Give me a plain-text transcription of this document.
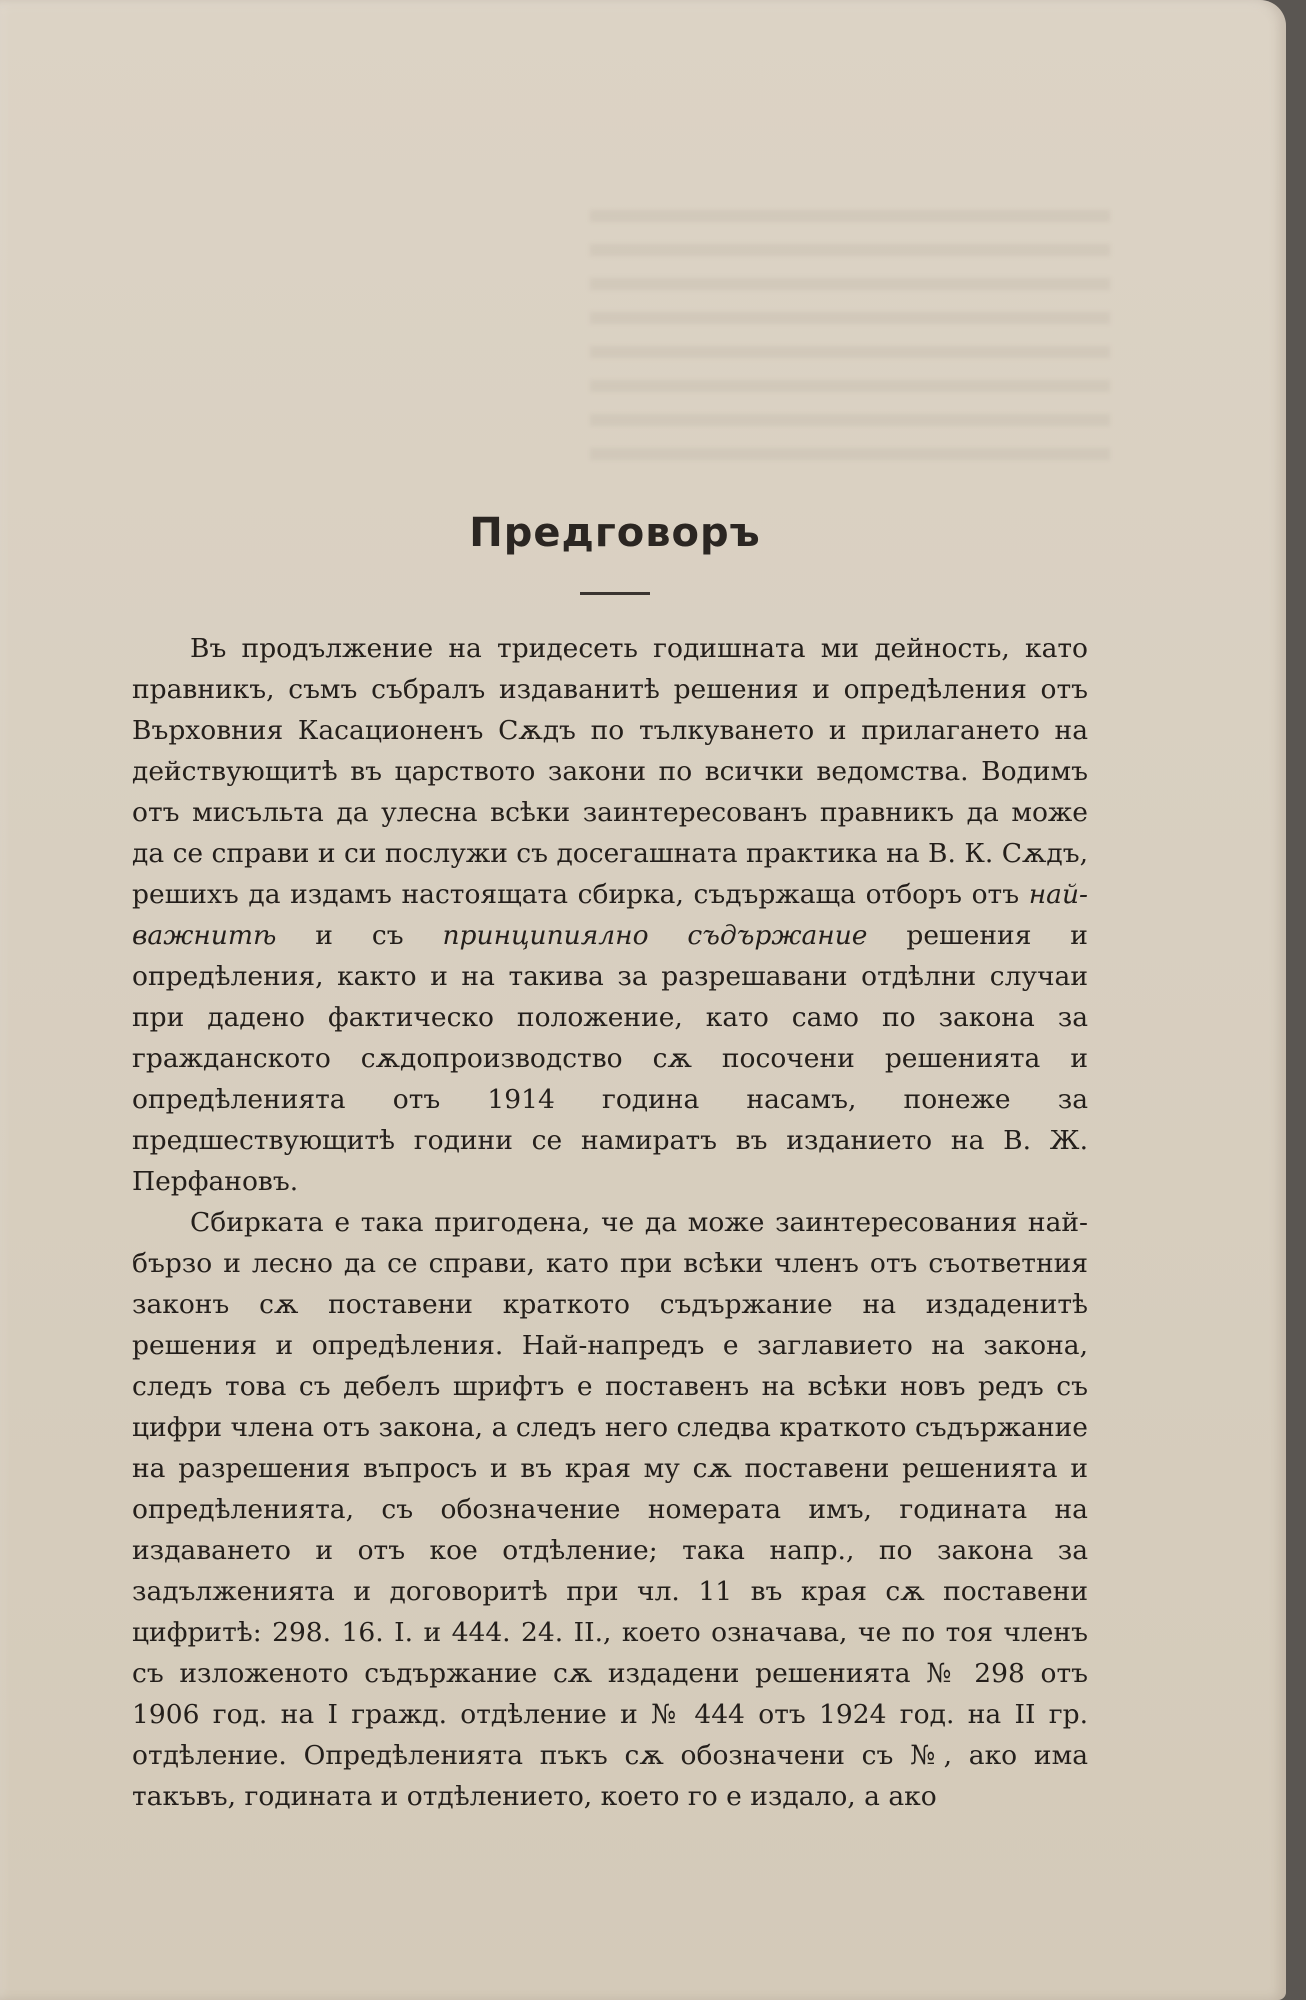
Предговоръ

Въ продължение на тридесеть годишната ми дейность, като правникъ, съмъ събралъ издаванитѣ решения и опредѣления отъ Върховния Касационенъ Сѫдъ по тълкуването и прилагането на действующитѣ въ царството закони по всички ведомства. Водимъ отъ мисъльта да улесна всѣки заинтересованъ правникъ да може да се справи и си послужи съ досегашната практика на В. К. Сѫдъ, решихъ да издамъ настоящата сбирка, съдържаща отборъ отъ най-важнитѣ и съ принципиялно съдържание решения и опредѣления, както и на такива за разрешавани отдѣлни случаи при дадено фактическо положение, като само по закона за гражданското сѫдопроизводство сѫ посочени решенията и опредѣленията отъ 1914 година насамъ, понеже за предшествующитѣ години се намиратъ въ изданието на В. Ж. Перфановъ.

Сбирката е така пригодена, че да може заинтересования най-бързо и лесно да се справи, като при всѣки членъ отъ съответния законъ сѫ поставени краткото съдържание на издаденитѣ решения и опредѣления. Най-напредъ е заглавието на закона, следъ това съ дебелъ шрифтъ е поставенъ на всѣки новъ редъ съ цифри члена отъ закона, а следъ него следва краткото съдържание на разрешения въпросъ и въ края му сѫ поставени решенията и опредѣленията, съ обозначение номерата имъ, годината на издаването и отъ кое отдѣление; така напр., по закона за задълженията и договоритѣ при чл. 11 въ края сѫ поставени цифритѣ: 298. 16. I. и 444. 24. II., което означава, че по тоя членъ съ изложеното съдържание сѫ издадени решенията № 298 отъ 1906 год. на I гражд. отдѣление и № 444 отъ 1924 год. на II гр. отдѣление. Опредѣленията пъкъ сѫ обозначени съ №, ако има такъвъ, годината и отдѣлението, което го е издало, а ако
